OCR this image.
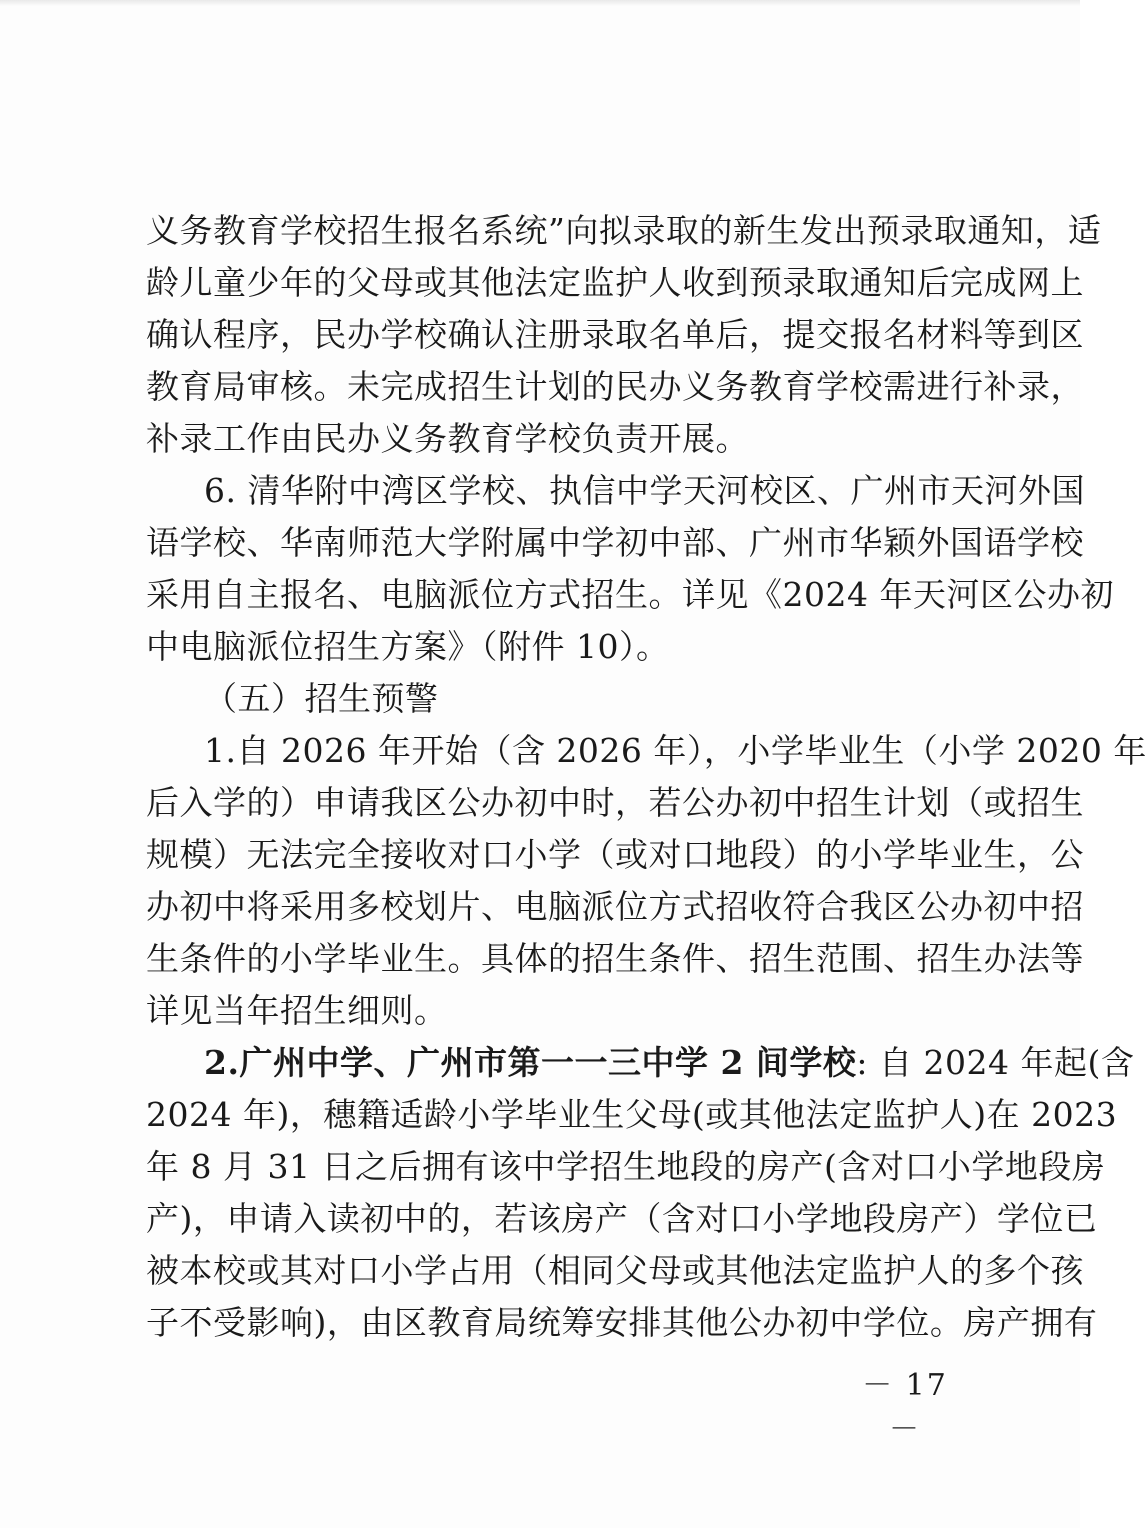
义务教育学校招生报名系统”向拟录取的新生发出预录取通知，适
龄儿童少年的父母或其他法定监护人收到预录取通知后完成网上
确认程序，民办学校确认注册录取名单后，提交报名材料等到区
教育局审核。未完成招生计划的民办义务教育学校需进行补录，
补录工作由民办义务教育学校负责开展。
6. 清华附中湾区学校、执信中学天河校区、广州市天河外国
语学校、华南师范大学附属中学初中部、广州市华颖外国语学校
采用自主报名、电脑派位方式招生。详见《2024 年天河区公办初
中电脑派位招生方案》（附件 10）。
（五）招生预警
1.自 2026 年开始（含 2026 年），小学毕业生（小学 2020 年
后入学的）申请我区公办初中时，若公办初中招生计划（或招生
规模）无法完全接收对口小学（或对口地段）的小学毕业生，公
办初中将采用多校划片、电脑派位方式招收符合我区公办初中招
生条件的小学毕业生。具体的招生条件、招生范围、招生办法等
详见当年招生细则。
2.广州中学、广州市第一一三中学 2 间学校: 自 2024 年起(含
2024 年)，穗籍适龄小学毕业生父母(或其他法定监护人)在 2023
年 8 月 31 日之后拥有该中学招生地段的房产(含对口小学地段房
产)，申请入读初中的，若该房产（含对口小学地段房产）学位已
被本校或其对口小学占用（相同父母或其他法定监护人的多个孩
子不受影响)，由区教育局统筹安排其他公办初中学位。房产拥有
－ 17 －
